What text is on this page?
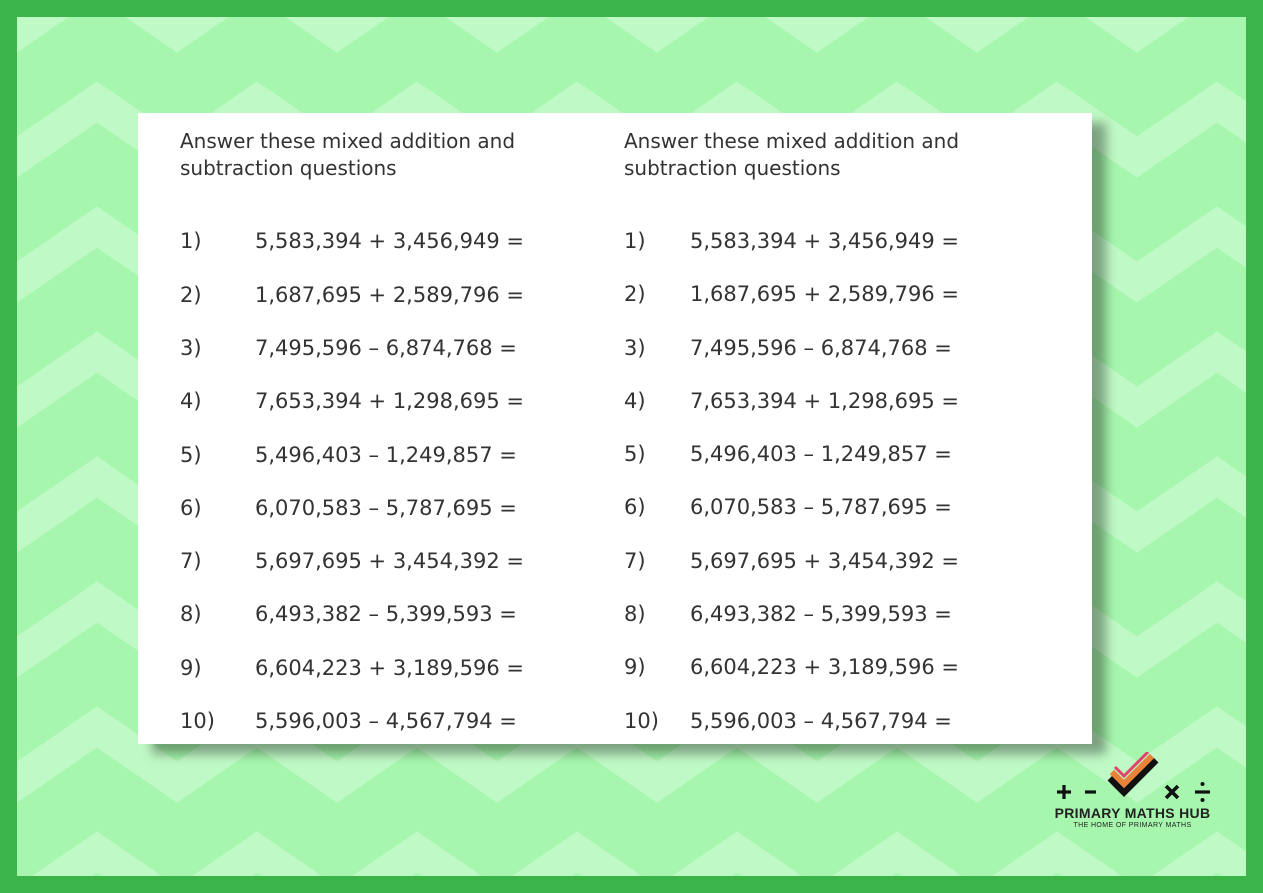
Answer these mixed addition and
subtraction questions
1)	5,583,394 + 3,456,949 =
2)	1,687,695 + 2,589,796 =
3)	7,495,596 – 6,874,768 =
4)	7,653,394 + 1,298,695 =
5)	5,496,403 – 1,249,857 =
6)	6,070,583 – 5,787,695 =
7)	5,697,695 + 3,454,392 =
8)	6,493,382 – 5,399,593 =
9)	6,604,223 + 3,189,596 =
10) 5,596,003 – 4,567,794 =
Answer these mixed addition and
subtraction questions
1) 5,583,394 + 3,456,949 =
2) 1,687,695 + 2,589,796 =
3) 7,495,596 – 6,874,768 =
4) 7,653,394 + 1,298,695 =
5) 5,496,403 – 1,249,857 =
6) 6,070,583 – 5,787,695 =
7) 5,697,695 + 3,454,392 =
8) 6,493,382 – 5,399,593 =
9) 6,604,223 + 3,189,596 =
10) 5,596,003 – 4,567,794 =
PRIMARY MATHS HUB
THE HOME OF PRIMARY MATHS
